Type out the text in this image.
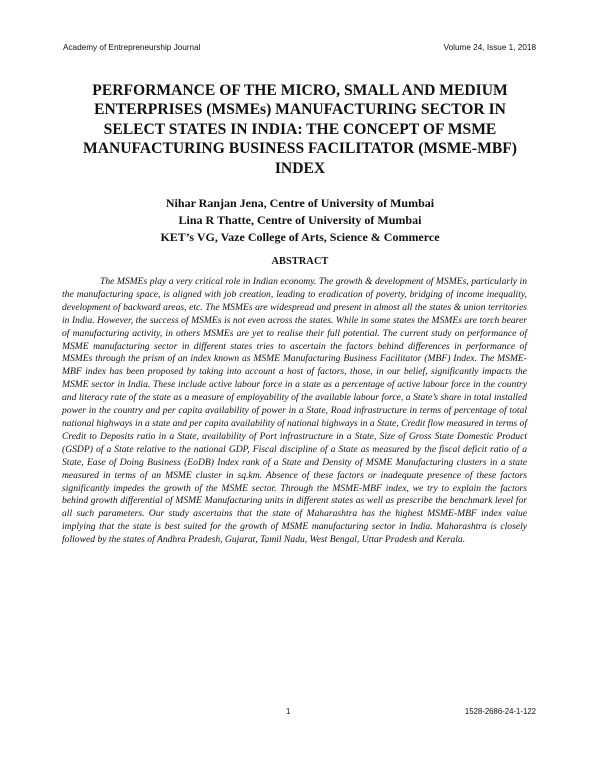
Academy of Entrepreneurship Journal	Volume 24, Issue 1, 2018
PERFORMANCE OF THE MICRO, SMALL AND MEDIUM ENTERPRISES (MSMEs) MANUFACTURING SECTOR IN SELECT STATES IN INDIA: THE CONCEPT OF MSME MANUFACTURING BUSINESS FACILITATOR (MSME-MBF) INDEX
Nihar Ranjan Jena, Centre of University of Mumbai
Lina R Thatte, Centre of University of Mumbai
KET’s VG, Vaze College of Arts, Science & Commerce
ABSTRACT

The MSMEs play a very critical role in Indian economy. The growth & development of MSMEs, particularly in the manufacturing space, is aligned with job creation, leading to eradication of poverty, bridging of income inequality, development of backward areas, etc. The MSMEs are widespread and present in almost all the states & union territories in India. However, the success of MSMEs is not even across the states. While in some states the MSMEs are torch bearer of manufacturing activity, in others MSMEs are yet to realise their full potential. The current study on performance of MSME manufacturing sector in different states tries to ascertain the factors behind differences in performance of MSMEs through the prism of an index known as MSME Manufacturing Business Facilitator (MBF) Index. The MSME-MBF index has been proposed by taking into account a host of factors, those, in our belief, significantly impacts the MSME sector in India. These include active labour force in a state as a percentage of active labour force in the country and literacy rate of the state as a measure of employability of the available labour force, a State’s share in total installed power in the country and per capita availability of power in a State, Road infrastructure in terms of percentage of total national highways in a state and per capita availability of national highways in a State, Credit flow measured in terms of Credit to Deposits ratio in a State, availability of Port infrastructure in a State, Size of Gross State Domestic Product (GSDP) of a State relative to the national GDP, Fiscal discipline of a State as measured by the fiscal deficit ratio of a State, Ease of Doing Business (EoDB) Index rank of a State and Density of MSME Manufacturing clusters in a state measured in terms of an MSME cluster in sq.km. Absence of these factors or inadequate presence of these factors significantly impedes the growth of the MSME sector. Through the MSME-MBF index, we try to explain the factors behind growth differential of MSME Manufacturing units in different states as well as prescribe the benchmark level for all such parameters. Our study ascertains that the state of Maharashtra has the highest MSME-MBF index value implying that the state is best suited for the growth of MSME manufacturing sector in India. Maharashtra is closely followed by the states of Andhra Pradesh, Gujarat, Tamil Nadu, West Bengal, Uttar Pradesh and Kerala.

1	1528-2686-24-1-122
